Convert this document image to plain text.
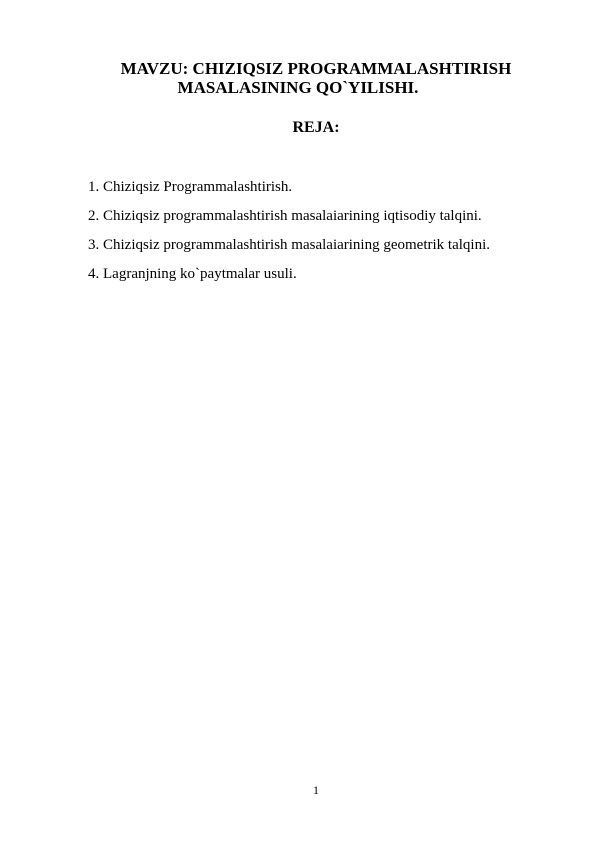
MAVZU: CHIZIQSIZ PROGRAMMALASHTIRISH
MASALASINING QO`YILISHI.
REJA:
1. Chiziqsiz Programmalashtirish.
2. Chiziqsiz programmalashtirish masalaiarining iqtisodiy talqini.
3. Chiziqsiz programmalashtirish masalaiarining geometrik talqini.
4. Lagranjning ko`paytmalar usuli.
1
